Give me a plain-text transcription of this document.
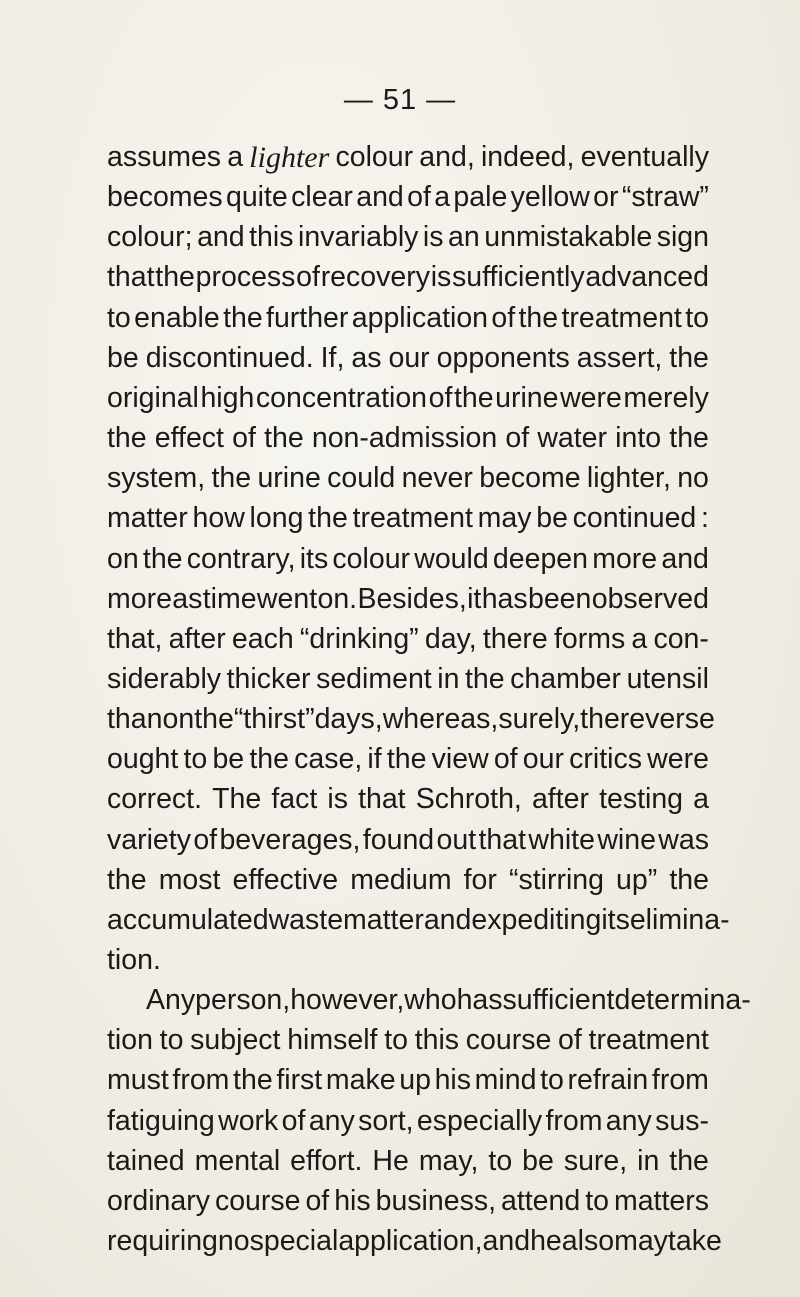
— 51 —
assumes a lighter colour and, indeed, eventually
becomes quite clear and of a pale yellow or “straw”
colour; and this invariably is an unmistakable sign
that the process of recovery is sufficiently advanced
to enable the further application of the treatment to
be discontinued. If, as our opponents assert, the
original high concentration of the urine were merely
the effect of the non-admission of water into the
system, the urine could never become lighter, no
matter how long the treatment may be continued :
on the contrary, its colour would deepen more and
more as time went on. Besides, it has been observed
that, after each “drinking” day, there forms a con-
siderably thicker sediment in the chamber utensil
than on the “thirst” days, whereas, surely, the reverse
ought to be the case, if the view of our critics were
correct. The fact is that Schroth, after testing a
variety of beverages, found out that white wine was
the most effective medium for “stirring up” the
accumulated waste matter and expediting its elimina-
tion.
Any person, however, who has sufficient determina-
tion to subject himself to this course of treatment
must from the first make up his mind to refrain from
fatiguing work of any sort, especially from any sus-
tained mental effort. He may, to be sure, in the
ordinary course of his business, attend to matters
requiring no special application, and he also may take
